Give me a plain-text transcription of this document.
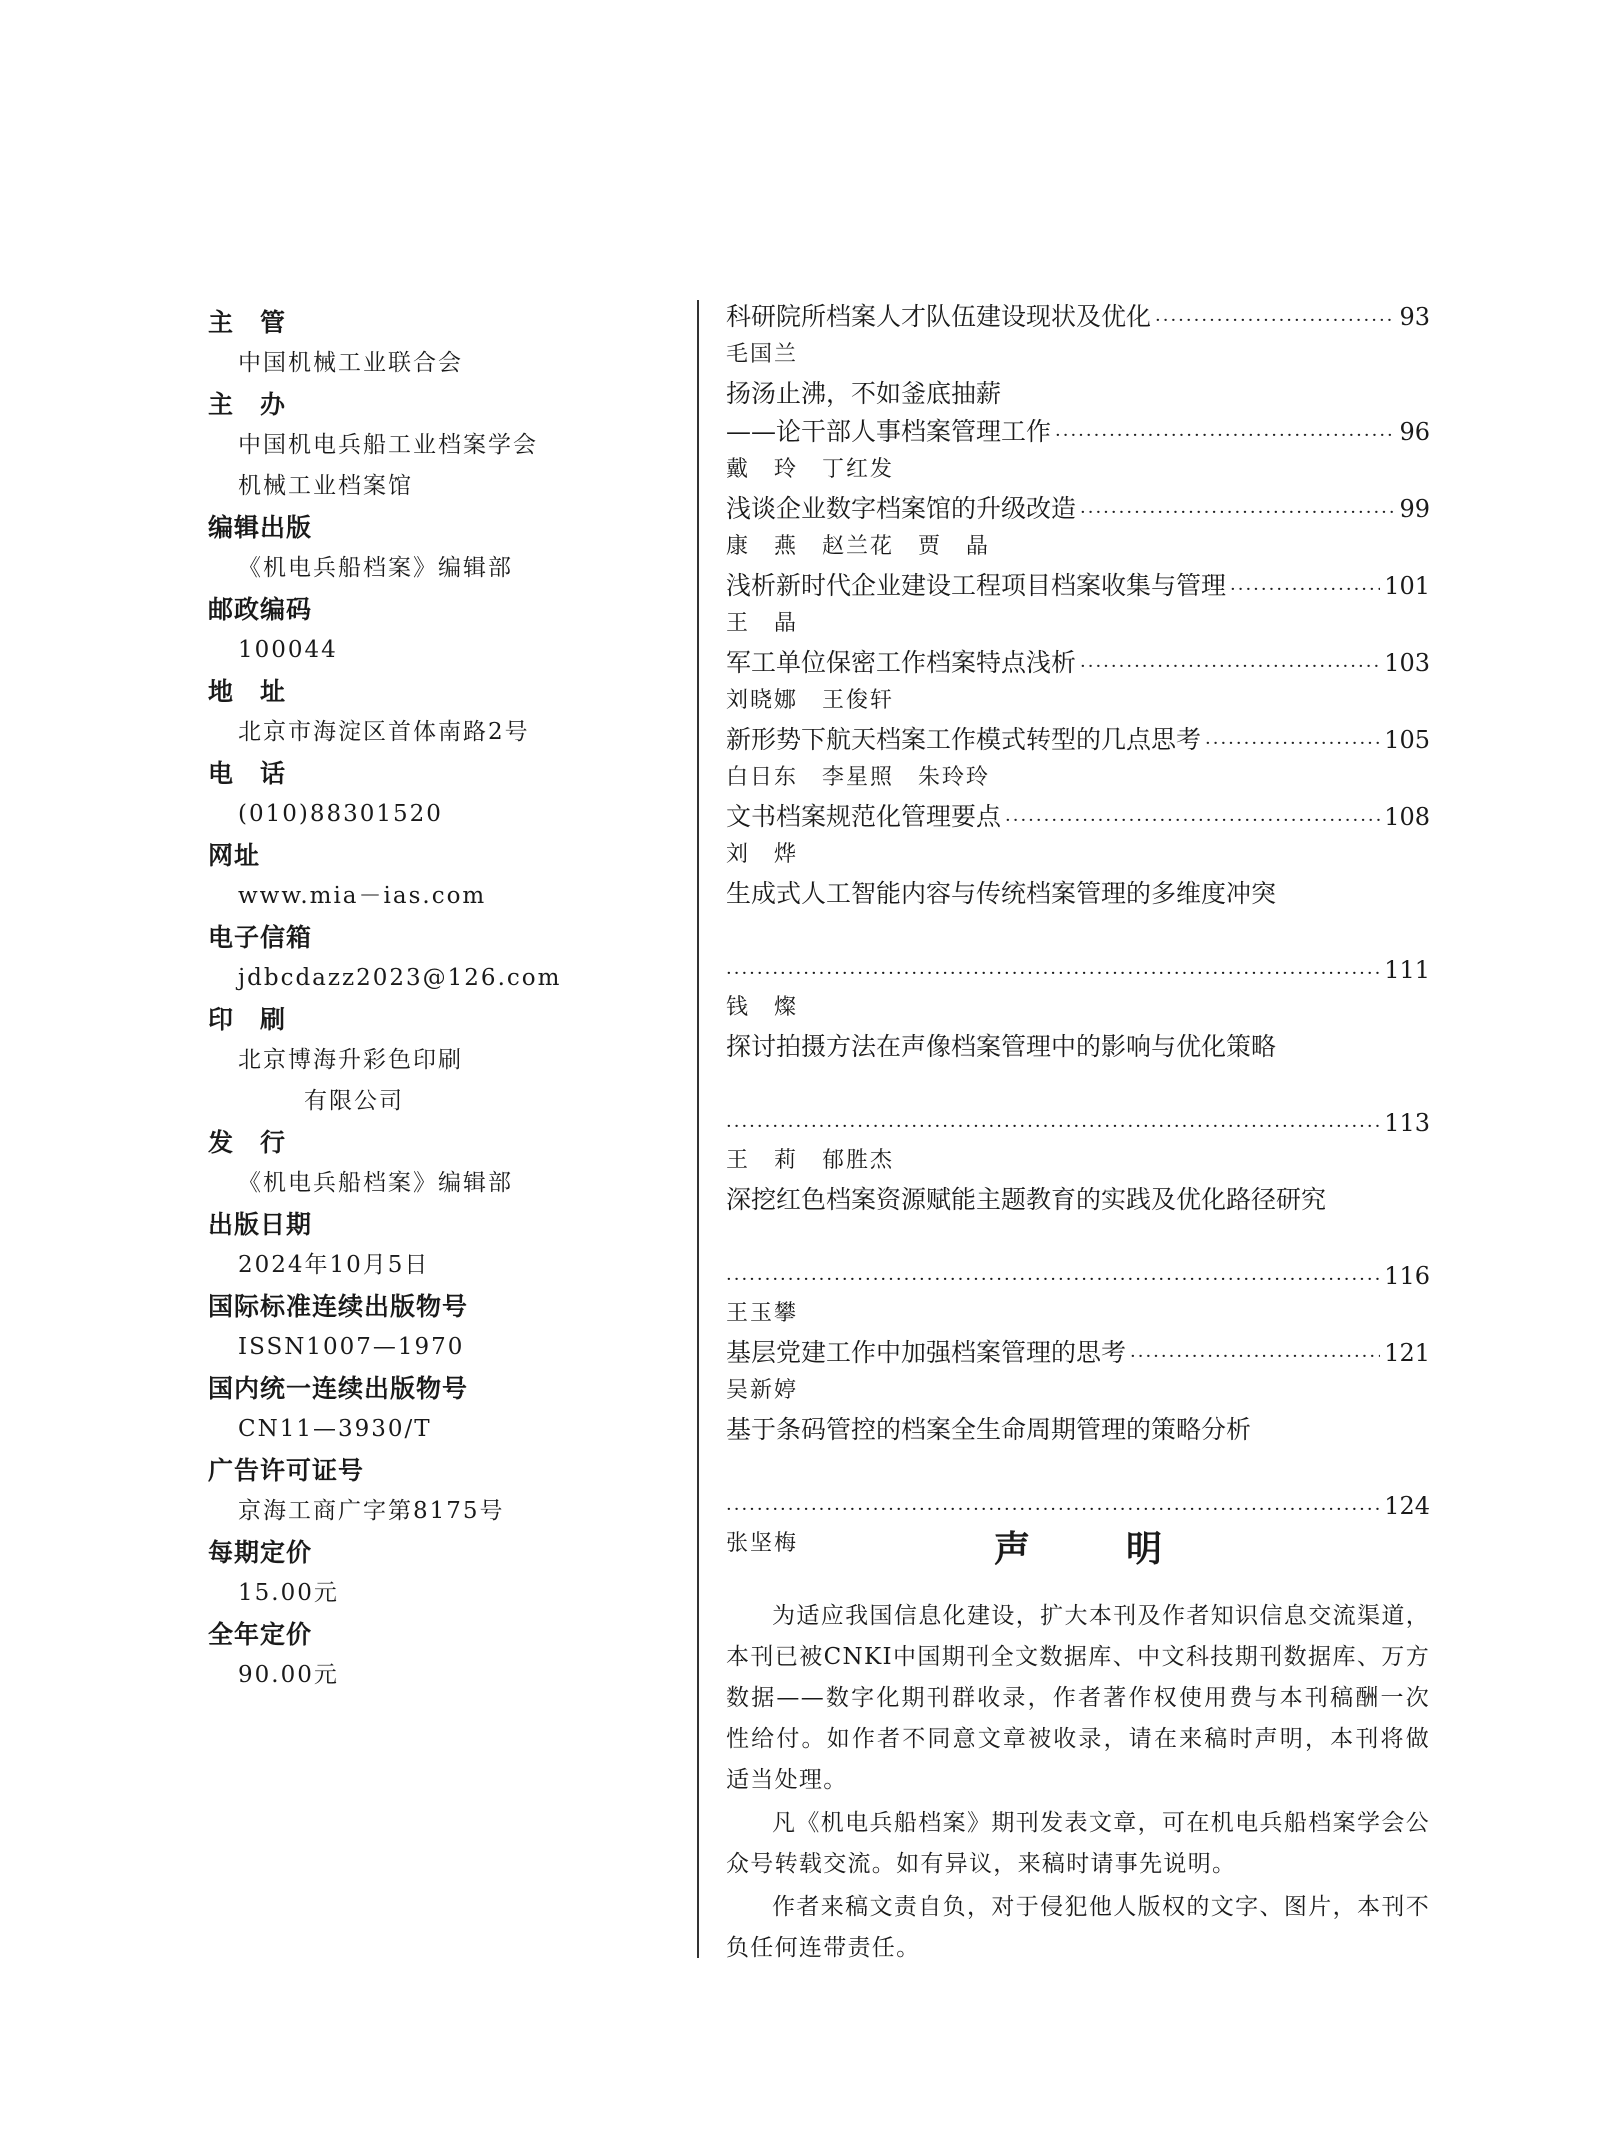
主　管
中国机械工业联合会
主　办
中国机电兵船工业档案学会
机械工业档案馆
编辑出版
《机电兵船档案》编辑部
邮政编码
100044
地　址
北京市海淀区首体南路2号
电　话
(010)88301520
网址
www.mia－ias.com
电子信箱
jdbcdazz2023@126.com
印　刷
北京博海升彩色印刷
有限公司
发　行
《机电兵船档案》编辑部
出版日期
2024年10月5日
国际标准连续出版物号
ISSN1007—1970
国内统一连续出版物号
CN11—3930/T
广告许可证号
京海工商广字第8175号
每期定价
15.00元
全年定价
90.00元
科研院所档案人才队伍建设现状及优化 ·····	93
毛国兰
扬汤止沸，不如釜底抽薪
——论干部人事档案管理工作 ·····	96
戴　玲　丁红发
浅谈企业数字档案馆的升级改造 ·····	99
康　燕　赵兰花　贾　晶
浅析新时代企业建设工程项目档案收集与管理 ·····	101
王　晶
军工单位保密工作档案特点浅析 ·····	103
刘晓娜　王俊轩
新形势下航天档案工作模式转型的几点思考 ·····	105
白日东　李星照　朱玲玲
文书档案规范化管理要点 ·····	108
刘　烨
生成式人工智能内容与传统档案管理的多维度冲突
·····
111
钱　燦
探讨拍摄方法在声像档案管理中的影响与优化策略
·····
113
王　莉　郁胜杰
深挖红色档案资源赋能主题教育的实践及优化路径研究
·····
116
王玉攀
基层党建工作中加强档案管理的思考 ·····	121
吴新婷
基于条码管控的档案全生命周期管理的策略分析
·····
124
张坚梅	声　明

为适应我国信息化建设，扩大本刊及作者知识信息交流渠道，本刊已被CNKI中国期刊全文数据库、中文科技期刊数据库、万方数据——数字化期刊群收录，作者著作权使用费与本刊稿酬一次性给付。如作者不同意文章被收录，请在来稿时声明，本刊将做适当处理。

凡《机电兵船档案》期刊发表文章，可在机电兵船档案学会公众号转载交流。如有异议，来稿时请事先说明。

作者来稿文责自负，对于侵犯他人版权的文字、图片，本刊不负任何连带责任。
